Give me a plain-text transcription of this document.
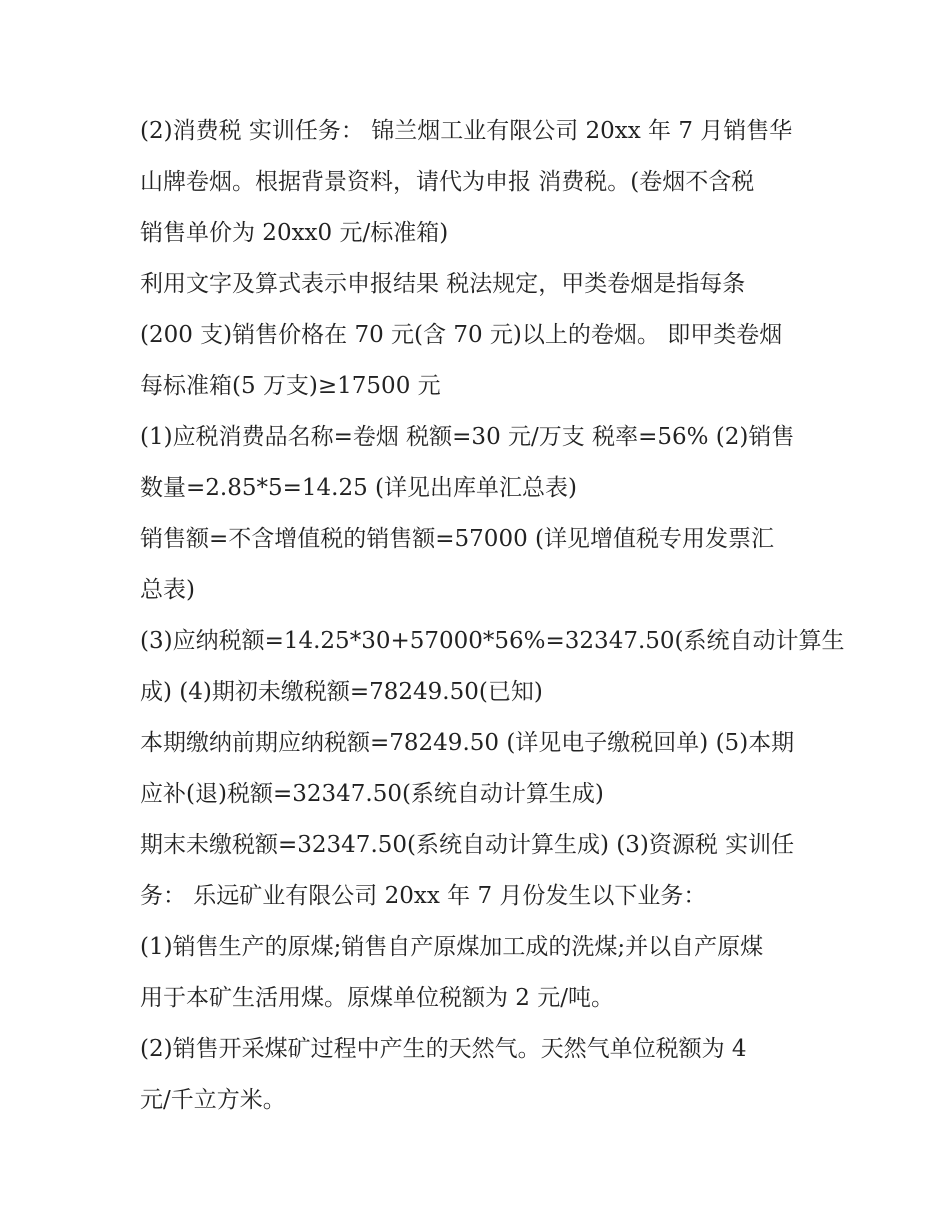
(2)消费税 实训任务： 锦兰烟工业有限公司 20xx 年 7 月销售华
山牌卷烟。根据背景资料，请代为申报 消费税。(卷烟不含税
销售单价为 20xx0 元/标准箱)
利用文字及算式表示申报结果 税法规定，甲类卷烟是指每条
(200 支)销售价格在 70 元(含 70 元)以上的卷烟。 即甲类卷烟
每标准箱(5 万支)≥17500 元
(1)应税消费品名称=卷烟 税额=30 元/万支 税率=56% (2)销售
数量=2.85*5=14.25 (详见出库单汇总表)
销售额=不含增值税的销售额=57000 (详见增值税专用发票汇
总表)
(3)应纳税额=14.25*30+57000*56%=32347.50(系统自动计算生
成) (4)期初未缴税额=78249.50(已知)
本期缴纳前期应纳税额=78249.50 (详见电子缴税回单) (5)本期
应补(退)税额=32347.50(系统自动计算生成)
期末未缴税额=32347.50(系统自动计算生成) (3)资源税 实训任
务： 乐远矿业有限公司 20xx 年 7 月份发生以下业务：
(1)销售生产的原煤;销售自产原煤加工成的洗煤;并以自产原煤
用于本矿生活用煤。原煤单位税额为 2 元/吨。
(2)销售开采煤矿过程中产生的天然气。天然气单位税额为 4
元/千立方米。
